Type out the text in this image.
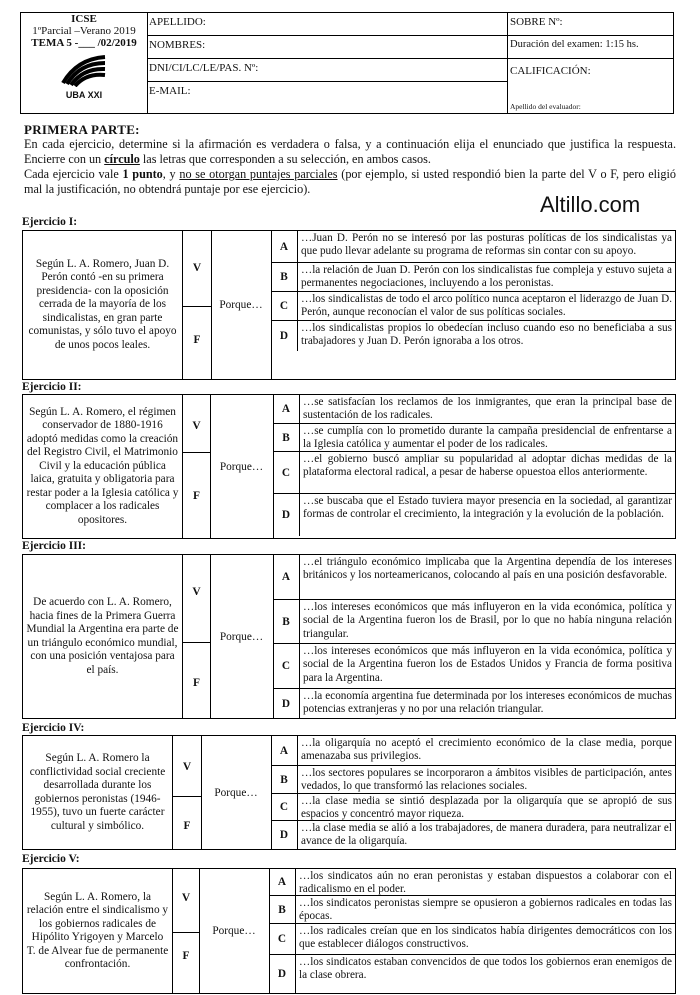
ICSE
1ºParcial –Verano 2019
TEMA 5 -___ /02/2019
UBA XXI
APELLIDO:
NOMBRES:
DNI/CI/LC/LE/PAS. Nº:
E-MAIL:
SOBRE Nº:
Duración del examen: 1:15 hs.
CALIFICACIÓN:
Apellido del evaluador:
PRIMERA PARTE:

En cada ejercicio, determine si la afirmación es verdadera o falsa, y a continuación elija el enunciado que justifica la respuesta. Encierre con un círculo las letras que corresponden a su selección, en ambos casos.

Cada ejercicio vale 1 punto, y no se otorgan puntajes parciales (por ejemplo, si usted respondió bien la parte del V o F, pero eligió mal la justificación, no obtendrá puntaje por ese ejercicio).

Altillo.com
Ejercicio I:
Según L. A. Romero, Juan D. Perón contó -en su primera presidencia- con la oposición cerrada de la mayoría de los sindicalistas, en gran parte comunistas, y sólo tuvo el apoyo de unos pocos leales.
V
F
Porque…
A
…Juan D. Perón no se interesó por las posturas políticas de los sindicalistas ya que pudo llevar adelante su programa de reformas sin contar con su apoyo.
B
…la relación de Juan D. Perón con los sindicalistas fue compleja y estuvo sujeta a permanentes negociaciones, incluyendo a los peronistas.
C
…los sindicalistas de todo el arco político nunca aceptaron el liderazgo de Juan D. Perón, aunque reconocían el valor de sus políticas sociales.
D
…los sindicalistas propios lo obedecían incluso cuando eso no beneficiaba a sus trabajadores y Juan D. Perón ignoraba a los otros.
Ejercicio II:
Según L. A. Romero, el régimen conservador de 1880-1916 adoptó medidas como la creación del Registro Civil, el Matrimonio Civil y la educación pública laica, gratuita y obligatoria para restar poder a la Iglesia católica y complacer a los radicales opositores.
V
F
Porque…
A
…se satisfacían los reclamos de los inmigrantes, que eran la principal base de sustentación de los radicales.
B
…se cumplía con lo prometido durante la campaña presidencial de enfrentarse a la Iglesia católica y aumentar el poder de los radicales.
C
…el gobierno buscó ampliar su popularidad al adoptar dichas medidas de la plataforma electoral radical, a pesar de haberse opuestoa ellos anteriormente.
D
…se buscaba que el Estado tuviera mayor presencia en la sociedad, al garantizar formas de controlar el crecimiento, la integración y la evolución de la población.
Ejercicio III:
De acuerdo con L. A. Romero, hacia fines de la Primera Guerra Mundial la Argentina era parte de un triángulo económico mundial, con una posición ventajosa para el país.
V
F
Porque…
A
…el triángulo económico implicaba que la Argentina dependía de los intereses británicos y los norteamericanos, colocando al país en una posición desfavorable.
B
…los intereses económicos que más influyeron en la vida económica, política y social de la Argentina fueron los de Brasil, por lo que no había ninguna relación triangular.
C
…los intereses económicos que más influyeron en la vida económica, política y social de la Argentina fueron los de Estados Unidos y Francia de forma positiva para la Argentina.
D
…la economía argentina fue determinada por los intereses económicos de muchas potencias extranjeras y no por una relación triangular.
Ejercicio IV:
Según L. A. Romero la conflictividad social creciente desarrollada durante los gobiernos peronistas (1946-1955), tuvo un fuerte carácter cultural y simbólico.
V
F
Porque…
A
…la oligarquía no aceptó el crecimiento económico de la clase media, porque amenazaba sus privilegios.
B
…los sectores populares se incorporaron a ámbitos visibles de participación, antes vedados, lo que transformó las relaciones sociales.
C	…la clase media se sintió desplazada por la oligarquía que se apropió de sus espacios y concentró mayor riqueza.
D
…la clase media se alió a los trabajadores, de manera duradera, para neutralizar el avance de la oligarquía.
Ejercicio V:
Según L. A. Romero, la relación entre el sindicalismo y los gobiernos radicales de Hipólito Yrigoyen y Marcelo T. de Alvear fue de permanente confrontación.
V
F
Porque…
A	…los sindicatos aún no eran peronistas y estaban dispuestos a colaborar con el radicalismo en el poder.
B
…los sindicatos peronistas siempre se opusieron a gobiernos radicales en todas las épocas.
C
…los radicales creían que en los sindicatos había dirigentes democráticos con los que establecer diálogos constructivos.
D
…los sindicatos estaban convencidos de que todos los gobiernos eran enemigos de la clase obrera.
